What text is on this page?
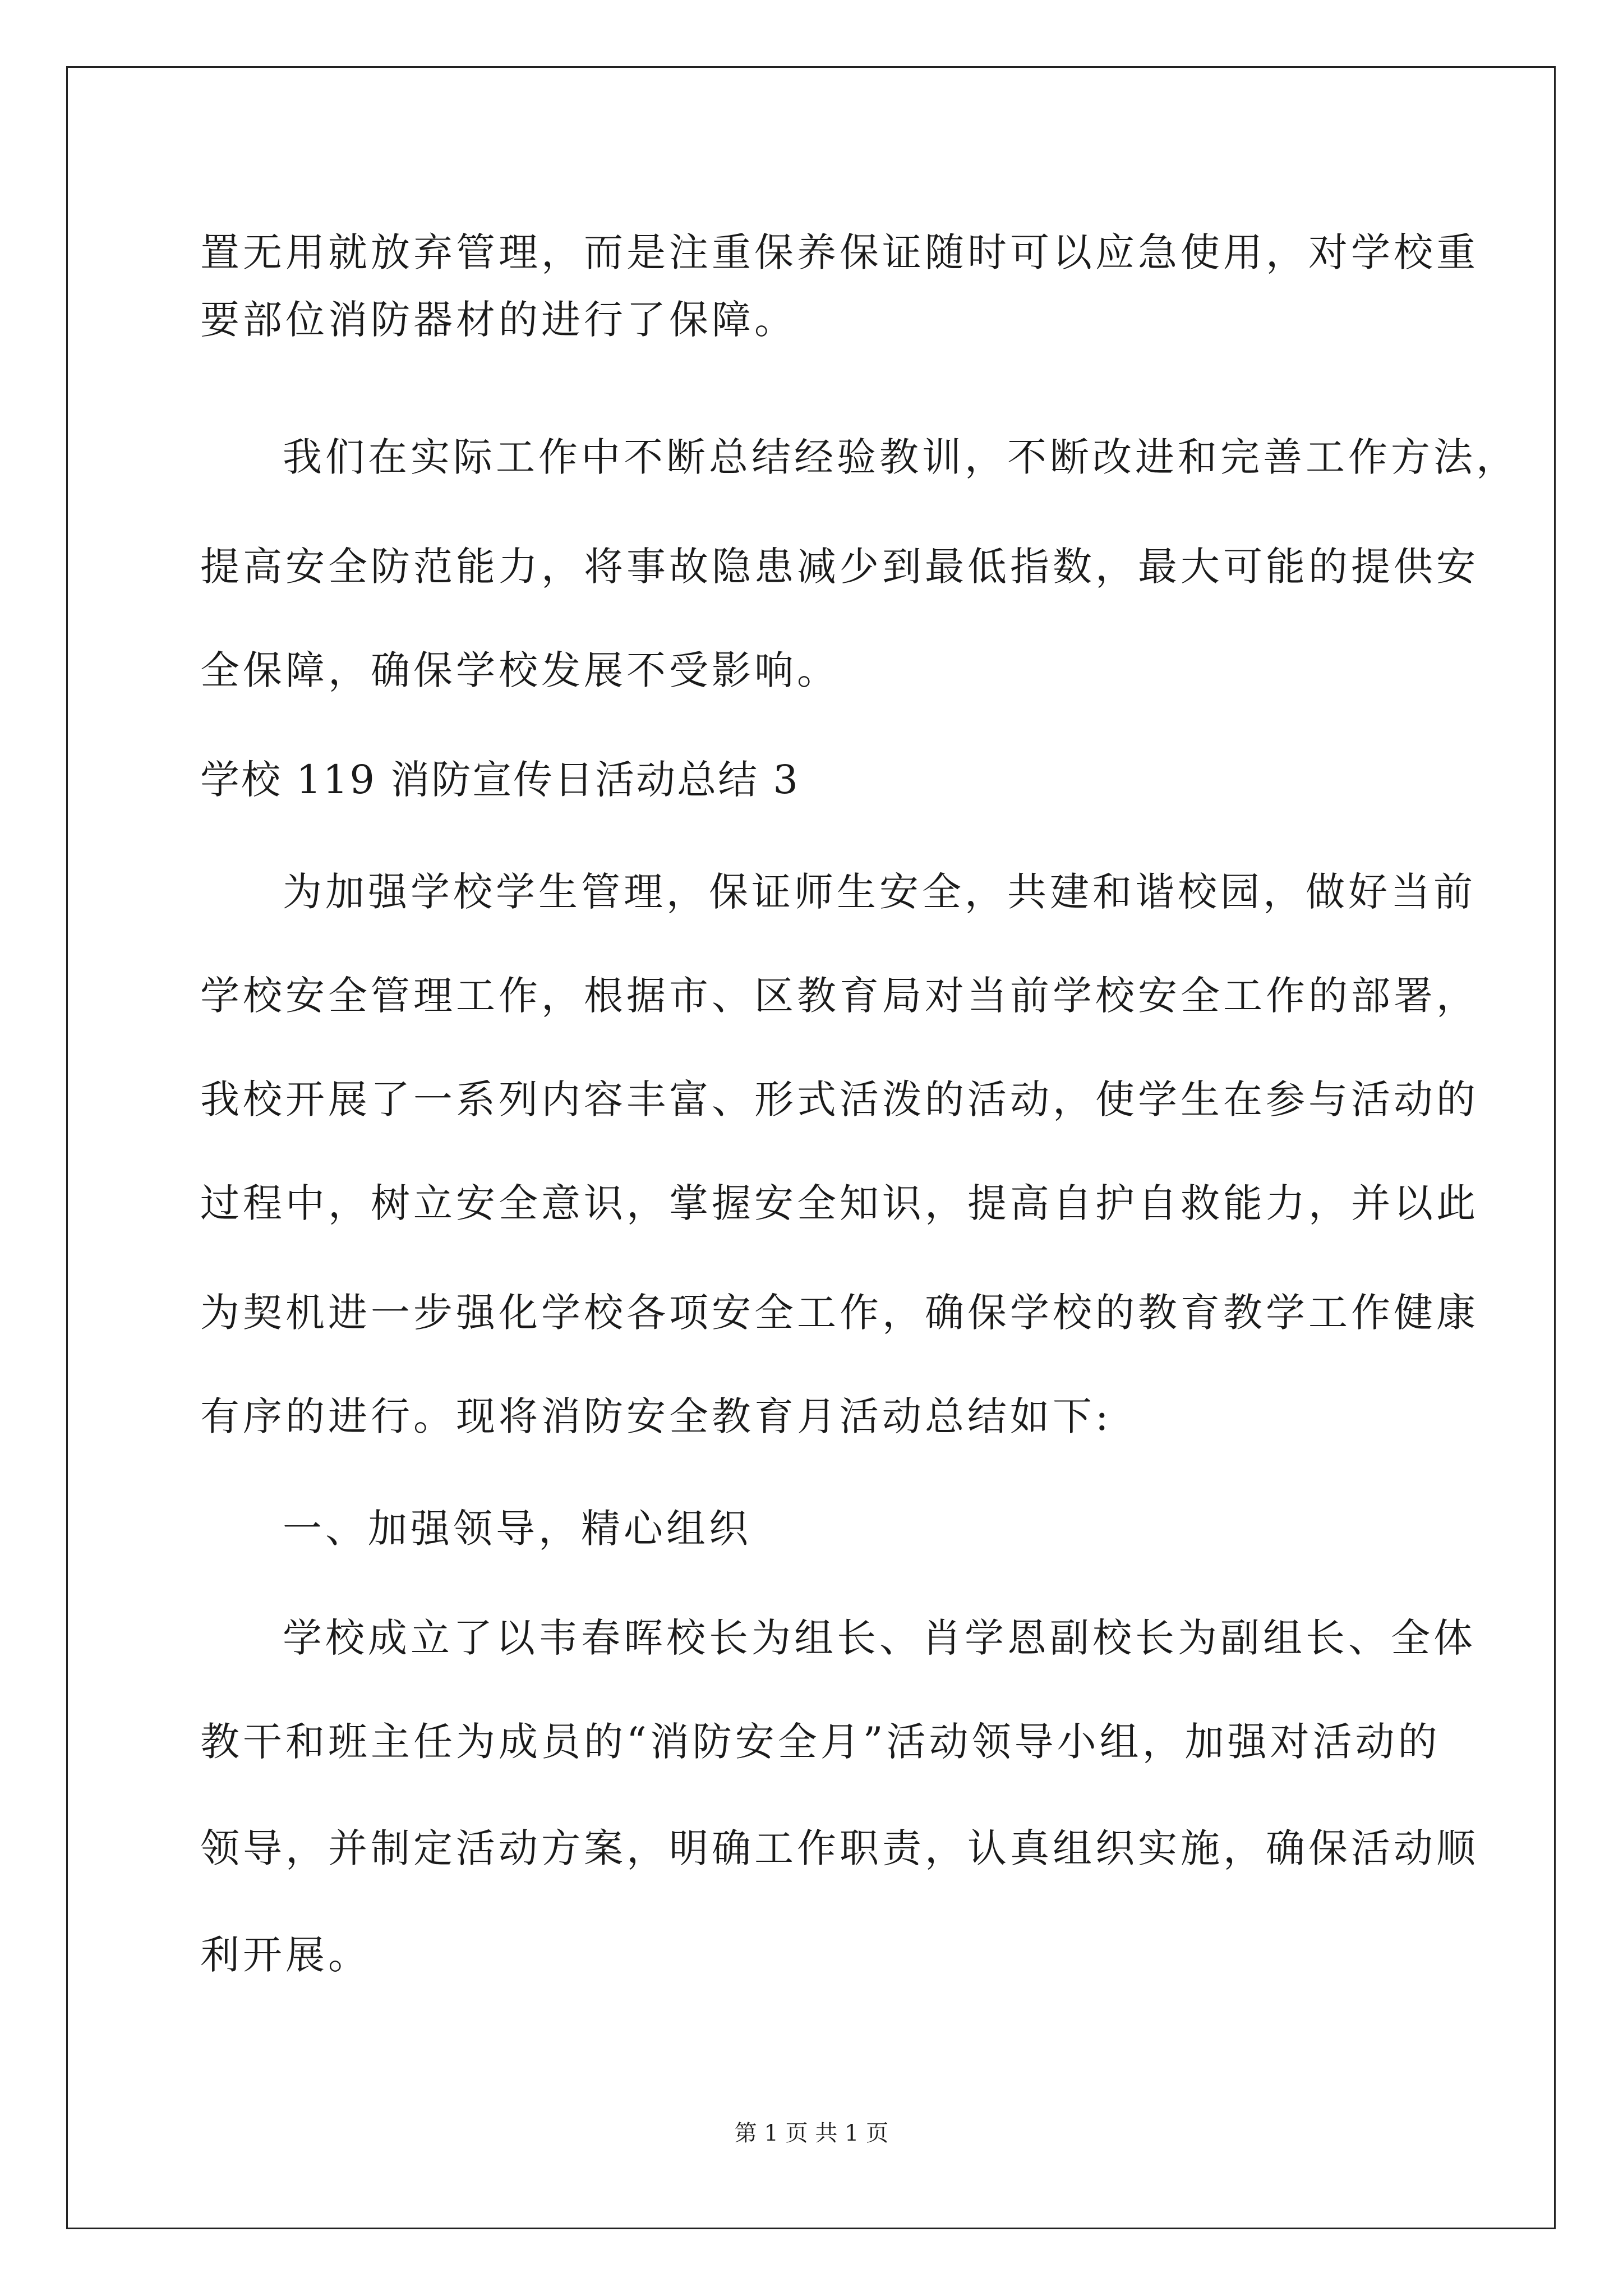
置无用就放弃管理，而是注重保养保证随时可以应急使用，对学校重
要部位消防器材的进行了保障。
我们在实际工作中不断总结经验教训，不断改进和完善工作方法，
提高安全防范能力，将事故隐患减少到最低指数，最大可能的提供安
全保障，确保学校发展不受影响。
学校 119 消防宣传日活动总结 3
为加强学校学生管理，保证师生安全，共建和谐校园，做好当前
学校安全管理工作，根据市、区教育局对当前学校安全工作的部署，
我校开展了一系列内容丰富、形式活泼的活动，使学生在参与活动的
过程中，树立安全意识，掌握安全知识，提高自护自救能力，并以此
为契机进一步强化学校各项安全工作，确保学校的教育教学工作健康
有序的进行。现将消防安全教育月活动总结如下:
一、加强领导，精心组织
学校成立了以韦春晖校长为组长、肖学恩副校长为副组长、全体
教干和班主任为成员的“消防安全月”活动领导小组，加强对活动的
领导，并制定活动方案，明确工作职责，认真组织实施，确保活动顺
利开展。
第 1 页 共 1 页
